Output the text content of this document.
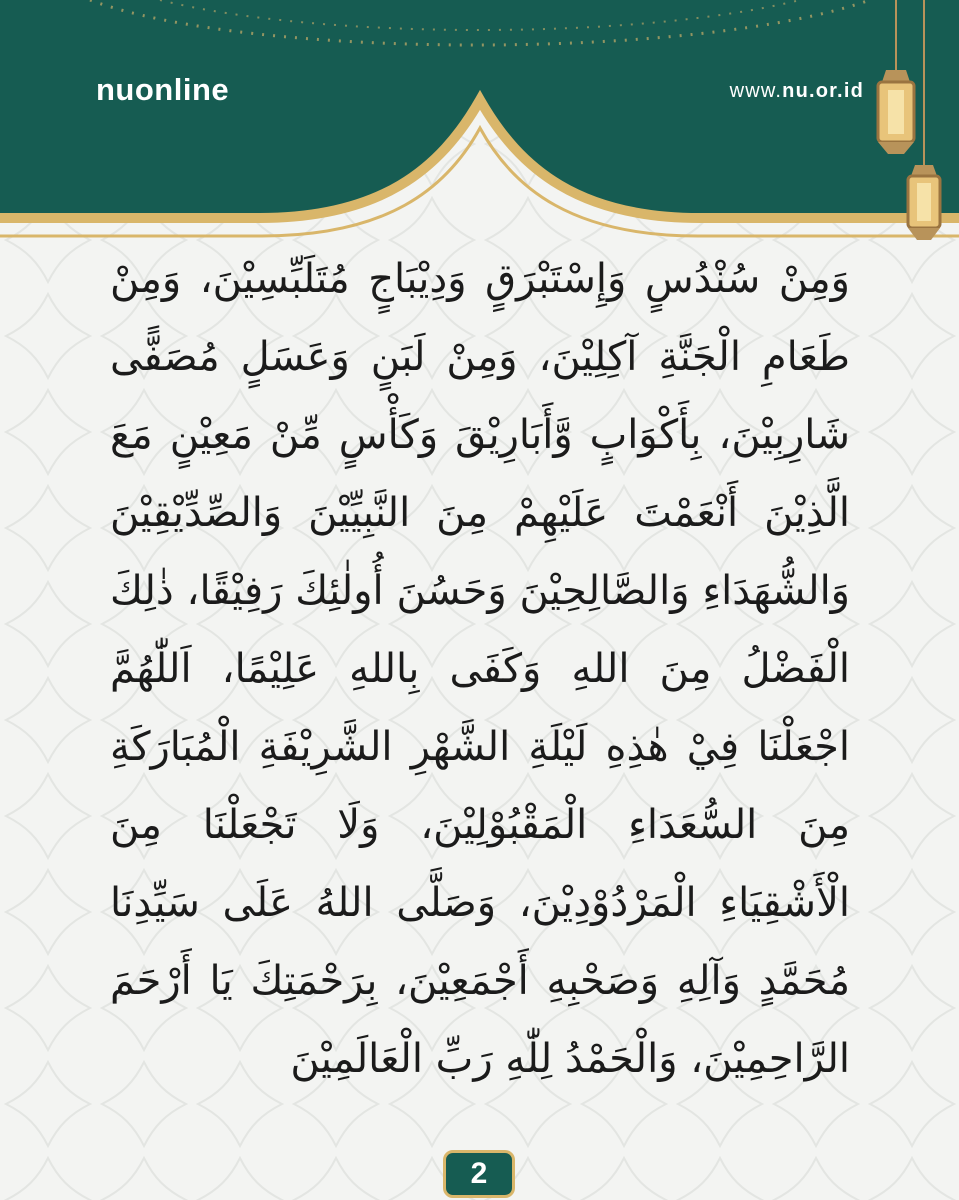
nuonline	www.nu.or.id

وَمِنْ سُنْدُسٍ وَإِسْتَبْرَقٍ وَدِيْبَاجٍ مُتَلَبِّسِيْنَ، وَمِنْ طَعَامِ الْجَنَّةِ آكِلِيْنَ، وَمِنْ لَبَنٍ وَعَسَلٍ مُصَفًّى شَارِبِيْنَ، بِأَكْوَابٍ وَّأَبَارِيْقَ وَكَأْسٍ مِّنْ مَعِيْنٍ مَعَ الَّذِيْنَ أَنْعَمْتَ عَلَيْهِمْ مِنَ النَّبِيِّيْنَ وَالصِّدِّيْقِيْنَ وَالشُّهَدَاءِ وَالصَّالِحِيْنَ وَحَسُنَ أُولٰئِكَ رَفِيْقًا، ذٰلِكَ الْفَضْلُ مِنَ اللهِ وَكَفَى بِاللهِ عَلِيْمًا، اَللّٰهُمَّ اجْعَلْنَا فِيْ هٰذِهِ لَيْلَةِ الشَّهْرِ الشَّرِيْفَةِ الْمُبَارَكَةِ مِنَ السُّعَدَاءِ الْمَقْبُوْلِيْنَ، وَلَا تَجْعَلْنَا مِنَ الْأَشْقِيَاءِ الْمَرْدُوْدِيْنَ، وَصَلَّى اللهُ عَلَى سَيِّدِنَا مُحَمَّدٍ وَآلِهِ وَصَحْبِهِ أَجْمَعِيْنَ، بِرَحْمَتِكَ يَا أَرْحَمَ الرَّاحِمِيْنَ، وَالْحَمْدُ لِلّٰهِ رَبِّ الْعَالَمِيْنَ

2
